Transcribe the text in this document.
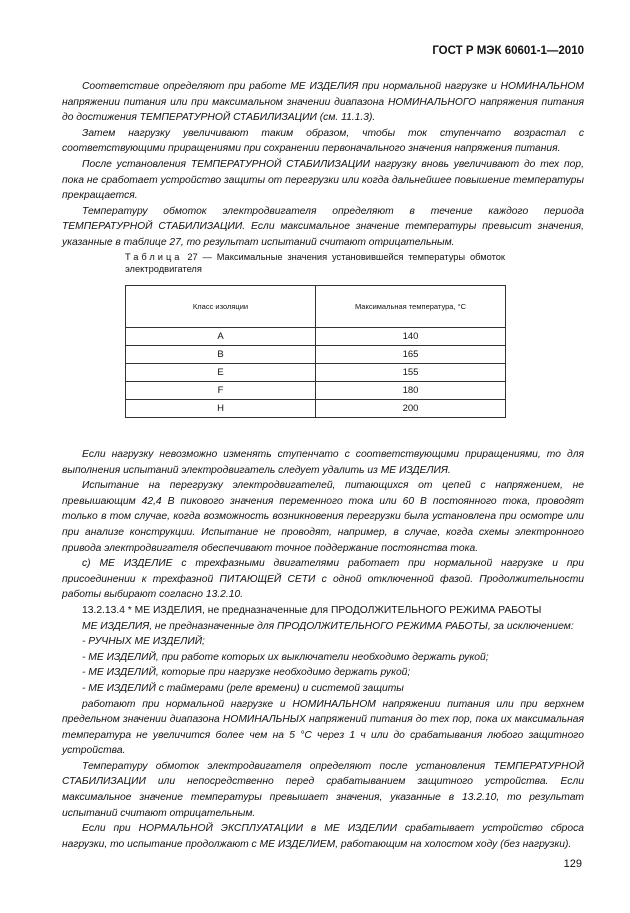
ГОСТ Р МЭК 60601-1—2010

Соответствие определяют при работе МЕ ИЗДЕЛИЯ при нормальной нагрузке и НОМИНАЛЬНОМ напряжении питания или при максимальном значении диапазона НОМИНАЛЬНОГО напряжения питания до достижения ТЕМПЕРАТУРНОЙ СТАБИЛИЗАЦИИ (см. 11.1.3).

Затем нагрузку увеличивают таким образом, чтобы ток ступенчато возрастал с соответствующими приращениями при сохранении первоначального значения напряжения питания.

После установления ТЕМПЕРАТУРНОЙ СТАБИЛИЗАЦИИ нагрузку вновь увеличивают до тех пор, пока не сработает устройство защиты от перегрузки или когда дальнейшее повышение температуры прекращается.

Температуру обмоток электродвигателя определяют в течение каждого периода ТЕМПЕРАТУРНОЙ СТАБИЛИЗАЦИИ. Если максимальное значение температуры превысит значения, указанные в таблице 27, то результат испытаний считают отрицательным.

Таблица 27 — Максимальные значения установившейся температуры обмоток электродвигателя
Класс изоляции	Максимальная температура, °С
A	140
B	165
E	155
F	180
H	200

Если нагрузку невозможно изменять ступенчато с соответствующими приращениями, то для выполнения испытаний электродвигатель следует удалить из МЕ ИЗДЕЛИЯ.

Испытание на перегрузку электродвигателей, питающихся от цепей с напряжением, не превышающим 42,4 В пикового значения переменного тока или 60 В постоянного тока, проводят только в том случае, когда возможность возникновения перегрузки была установлена при осмотре или при анализе конструкции. Испытание не проводят, например, в случае, когда схемы электронного привода электродвигателя обеспечивают точное поддержание постоянства тока.

с) МЕ ИЗДЕЛИЕ с трехфазными двигателями работает при нормальной нагрузке и при присоединении к трехфазной ПИТАЮЩЕЙ СЕТИ с одной отключенной фазой. Продолжительности работы выбирают согласно 13.2.10.

13.2.13.4 * МЕ ИЗДЕЛИЯ, не предназначенные для ПРОДОЛЖИТЕЛЬНОГО РЕЖИМА РАБОТЫ

МЕ ИЗДЕЛИЯ, не предназначенные для ПРОДОЛЖИТЕЛЬНОГО РЕЖИМА РАБОТЫ, за исключением:

- РУЧНЫХ МЕ ИЗДЕЛИЙ;

- МЕ ИЗДЕЛИЙ, при работе которых их выключатели необходимо держать рукой;

- МЕ ИЗДЕЛИЙ, которые при нагрузке необходимо держать рукой;

- МЕ ИЗДЕЛИЙ с таймерами (реле времени) и системой защиты

работают при нормальной нагрузке и НОМИНАЛЬНОМ напряжении питания или при верхнем предельном значении диапазона НОМИНАЛЬНЫХ напряжений питания до тех пор, пока их максимальная температура не увеличится более чем на 5 °С через 1 ч или до срабатывания любого защитного устройства.

Температуру обмоток электродвигателя определяют после установления ТЕМПЕРАТУРНОЙ СТАБИЛИЗАЦИИ или непосредственно перед срабатыванием защитного устройства. Если максимальное значение температуры превышает значения, указанные в 13.2.10, то результат испытаний считают отрицательным.

Если при НОРМАЛЬНОЙ ЭКСПЛУАТАЦИИ в МЕ ИЗДЕЛИИ срабатывает устройство сброса нагрузки, то испытание продолжают с МЕ ИЗДЕЛИЕМ, работающим на холостом ходу (без нагрузки).

129
